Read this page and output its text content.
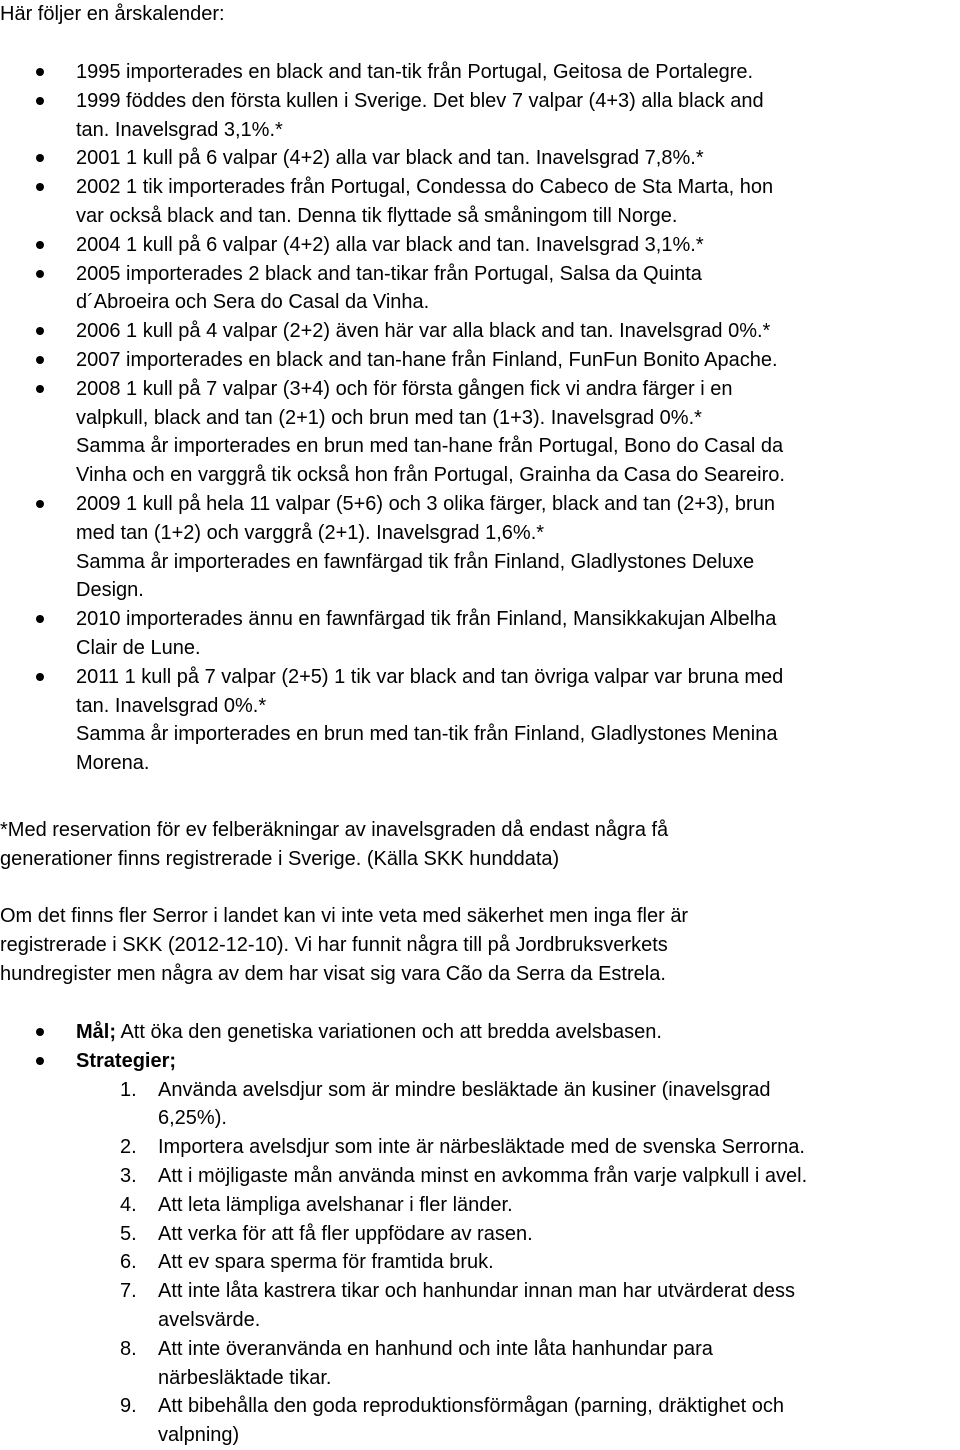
Här följer en årskalender:

1995 importerades en black and tan-tik från Portugal, Geitosa de Portalegre.

1999 föddes den första kullen i Sverige. Det blev 7 valpar (4+3) alla black and
tan. Inavelsgrad 3,1%.*

2001 1 kull på 6 valpar (4+2) alla var black and tan. Inavelsgrad 7,8%.*

2002 1 tik importerades från Portugal, Condessa do Cabeco de Sta Marta, hon
var också black and tan. Denna tik flyttade så småningom till Norge.

2004 1 kull på 6 valpar (4+2) alla var black and tan. Inavelsgrad 3,1%.*

2005 importerades 2 black and tan-tikar från Portugal, Salsa da Quinta
d´Abroeira och Sera do Casal da Vinha.

2006 1 kull på 4 valpar (2+2) även här var alla black and tan. Inavelsgrad 0%.*

2007 importerades en black and tan-hane från Finland, FunFun Bonito Apache.

2008 1 kull på 7 valpar (3+4) och för första gången fick vi andra färger i en
valpkull, black and tan (2+1) och brun med tan (1+3). Inavelsgrad 0%.*
Samma år importerades en brun med tan-hane från Portugal, Bono do Casal da
Vinha och en varggrå tik också hon från Portugal, Grainha da Casa do Seareiro.

2009 1 kull på hela 11 valpar (5+6) och 3 olika färger, black and tan (2+3), brun
med tan (1+2) och varggrå (2+1). Inavelsgrad 1,6%.*
Samma år importerades en fawnfärgad tik från Finland, Gladlystones Deluxe
Design.

2010 importerades ännu en fawnfärgad tik från Finland, Mansikkakujan Albelha
Clair de Lune.

2011 1 kull på 7 valpar (2+5) 1 tik var black and tan övriga valpar var bruna med
tan. Inavelsgrad 0%.*
Samma år importerades en brun med tan-tik från Finland, Gladlystones Menina
Morena.

*Med reservation för ev felberäkningar av inavelsgraden då endast några få
generationer finns registrerade i Sverige. (Källa SKK hunddata)

Om det finns fler Serror i landet kan vi inte veta med säkerhet men inga fler är
registrerade i SKK (2012-12-10). Vi har funnit några till på Jordbruksverkets
hundregister men några av dem har visat sig vara Cão da Serra da Estrela.

Mål; Att öka den genetiska variationen och att bredda avelsbasen.

Strategier;

1. Använda avelsdjur som är mindre besläktade än kusiner (inavelsgrad
6,25%).

2. Importera avelsdjur som inte är närbesläktade med de svenska Serrorna.

3. Att i möjligaste mån använda minst en avkomma från varje valpkull i avel.

4. Att leta lämpliga avelshanar i fler länder.

5. Att verka för att få fler uppfödare av rasen.

6. Att ev spara sperma för framtida bruk.

7. Att inte låta kastrera tikar och hanhundar innan man har utvärderat dess
avelsvärde.

8. Att inte överanvända en hanhund och inte låta hanhundar para
närbesläktade tikar.

9. Att bibehålla den goda reproduktionsförmågan (parning, dräktighet och
valpning)
